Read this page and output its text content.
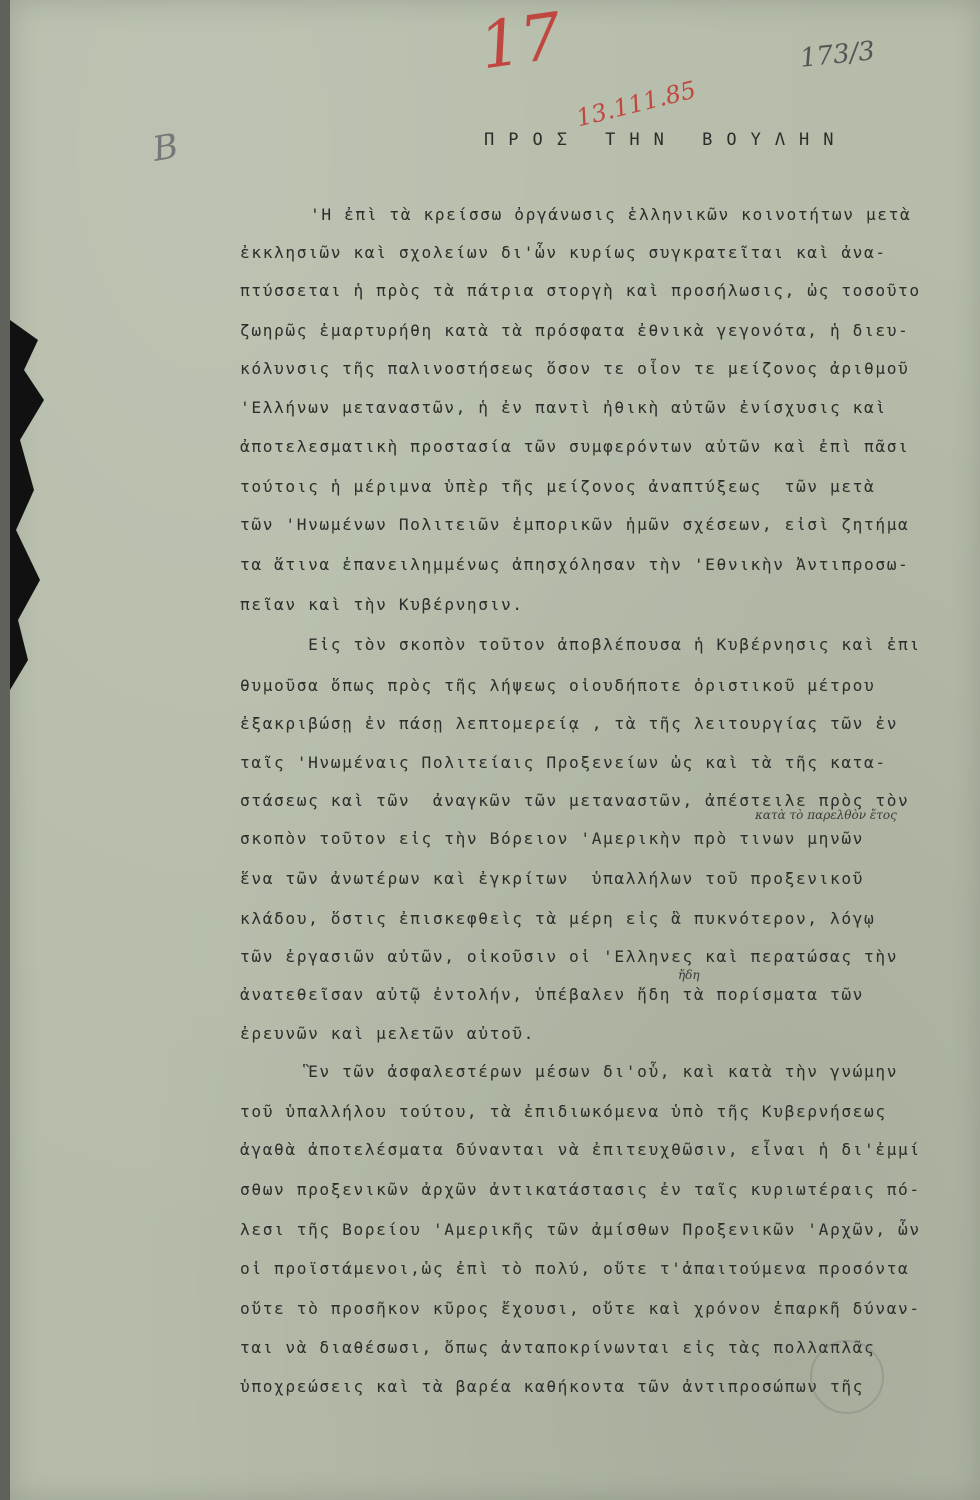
17
13.111.85
173/3
B	ΠΡΟΣ ΤΗΝ ΒΟΥΛΗΝ
'Η ἐπὶ τὰ κρείσσω ὀργάνωσις ἑλληνικῶν κοινοτήτων μετὰ
ἐκκλησιῶν καὶ σχολείων δι'ὧν κυρίως συγκρατεῖται καὶ ἀνα-
πτύσσεται ἡ πρὸς τὰ πάτρια στοργὴ καὶ προσήλωσις, ὡς τοσοῦτο
ζωηρῶς ἐμαρτυρήθη κατὰ τὰ πρόσφατα ἐθνικὰ γεγονότα, ἡ διευ-
κόλυνσις τῆς παλινοστήσεως ὅσον τε οἷον τε μείζονος ἀριθμοῦ
'Ελλήνων μεταναστῶν, ἡ ἐν παντὶ ἠθικὴ αὐτῶν ἐνίσχυσις καὶ
ἀποτελεσματικὴ προστασία τῶν συμφερόντων αὐτῶν καὶ ἐπὶ πᾶσι
τούτοις ἡ μέριμνα ὑπὲρ τῆς μείζονος ἀναπτύξεως  τῶν μετὰ
τῶν 'Ηνωμένων Πολιτειῶν ἐμπορικῶν ἡμῶν σχέσεων, εἰσὶ ζητήμα
τα ἅτινα ἐπανειλημμένως ἀπησχόλησαν τὴν 'Εθνικὴν Ἀντιπροσω-
πεῖαν καὶ τὴν Κυβέρνησιν.
Εἰς τὸν σκοπὸν τοῦτον ἀποβλέπουσα ἡ Κυβέρνησις καὶ ἐπι
θυμοῦσα ὅπως πρὸς τῆς λήψεως οἱουδήποτε ὁριστικοῦ μέτρου
ἐξακριβώσῃ ἐν πάσῃ λεπτομερείᾳ , τὰ τῆς λειτουργίας τῶν ἐν
ταῖς 'Ηνωμέναις Πολιτείαις Προξενείων ὡς καὶ τὰ τῆς κατα-
στάσεως καὶ τῶν  ἀναγκῶν τῶν μεταναστῶν, ἀπέστειλε πρὸς τὸν
σκοπὸν τοῦτον εἰς τὴν Βόρειον 'Αμερικὴν πρὸ τινων μηνῶν
ἕνα τῶν ἀνωτέρων καὶ ἐγκρίτων  ὑπαλλήλων τοῦ προξενικοῦ
κλάδου, ὅστις ἐπισκεφθεὶς τὰ μέρη εἰς ἃ πυκνότερον, λόγῳ
τῶν ἐργασιῶν αὐτῶν, οἰκοῦσιν οἱ 'Ελληνες καὶ περατώσας τὴν
ἀνατεθεῖσαν αὐτῷ ἐντολήν, ὑπέβαλεν ἤδη τὰ πορίσματα τῶν
ἐρευνῶν καὶ μελετῶν αὐτοῦ.
Ἓν τῶν ἀσφαλεστέρων μέσων δι'οὗ, καὶ κατὰ τὴν γνώμην
τοῦ ὑπαλλήλου τούτου, τὰ ἐπιδιωκόμενα ὑπὸ τῆς Κυβερνήσεως
ἀγαθὰ ἀποτελέσματα δύνανται νὰ ἐπιτευχθῶσιν, εἶναι ἡ δι'ἐμμί
σθων προξενικῶν ἀρχῶν ἀντικατάστασις ἐν ταῖς κυριωτέραις πό-
λεσι τῆς Βορείου 'Αμερικῆς τῶν ἀμίσθων Προξενικῶν 'Αρχῶν, ὧν
οἱ προϊστάμενοι,ὡς ἐπὶ τὸ πολύ, οὔτε τ'ἀπαιτούμενα προσόντα
οὔτε τὸ προσῆκον κῦρος ἔχουσι, οὔτε καὶ χρόνον ἐπαρκῆ δύναν-
ται νὰ διαθέσωσι, ὅπως ἀνταποκρίνωνται εἰς τὰς πολλαπλᾶς
ὑποχρεώσεις καὶ τὰ βαρέα καθήκοντα τῶν ἀντιπροσώπων τῆς
κατὰ τὸ παρελθὸν ἔτος
ἤδη
